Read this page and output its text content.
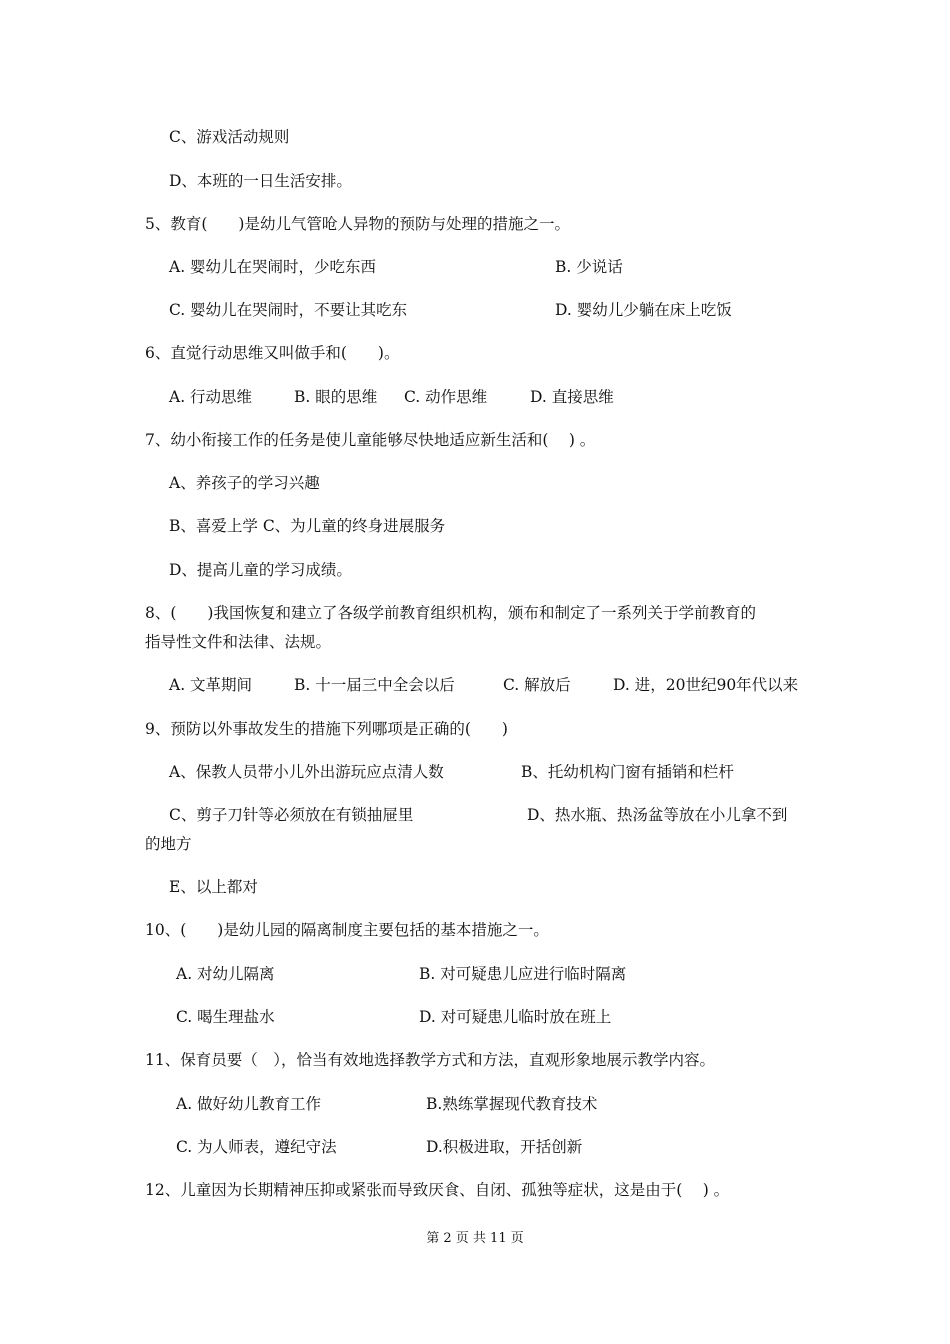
C、游戏活动规则
D、本班的一日生活安排。
5、教育(　　)是幼儿气管呛人异物的预防与处理的措施之一。
A. 婴幼儿在哭闹时，少吃东西	B. 少说话
C. 婴幼儿在哭闹时，不要让其吃东	D. 婴幼儿少躺在床上吃饭
6、直觉行动思维又叫做手和(　　)。
A. 行动思维	B. 眼的思维 C. 动作思维	D. 直接思维
7、幼小衔接工作的任务是使儿童能够尽快地适应新生活和(　 ) 。
A、养孩子的学习兴趣
B、喜爱上学 C、为儿童的终身进展服务
D、提高儿童的学习成绩。
8、(　　)我国恢复和建立了各级学前教育组织机构，颁布和制定了一系列关于学前教育的
指导性文件和法律、法规。
A. 文革期间	B. 十一届三中全会以后	C. 解放后	D. 进，20世纪90年代以来
9、预防以外事故发生的措施下列哪项是正确的(　　)
A、保教人员带小儿外出游玩应点清人数	B、托幼机构门窗有插销和栏杆
C、剪子刀针等必须放在有锁抽屉里	D、热水瓶、热汤盆等放在小儿拿不到
的地方
E、以上都对
10、(　　)是幼儿园的隔离制度主要包括的基本措施之一。
A. 对幼儿隔离	B. 对可疑患儿应进行临时隔离
C. 喝生理盐水	D. 对可疑患儿临时放在班上
11、保育员要（　），恰当有效地选择教学方式和方法，直观形象地展示教学内容。
A. 做好幼儿教育工作	B.熟练掌握现代教育技术
C. 为人师表，遵纪守法	D.积极进取，开括创新
12、儿童因为长期精神压抑或紧张而导致厌食、自闭、孤独等症状，这是由于(　 ) 。
第 2 页 共 11 页
